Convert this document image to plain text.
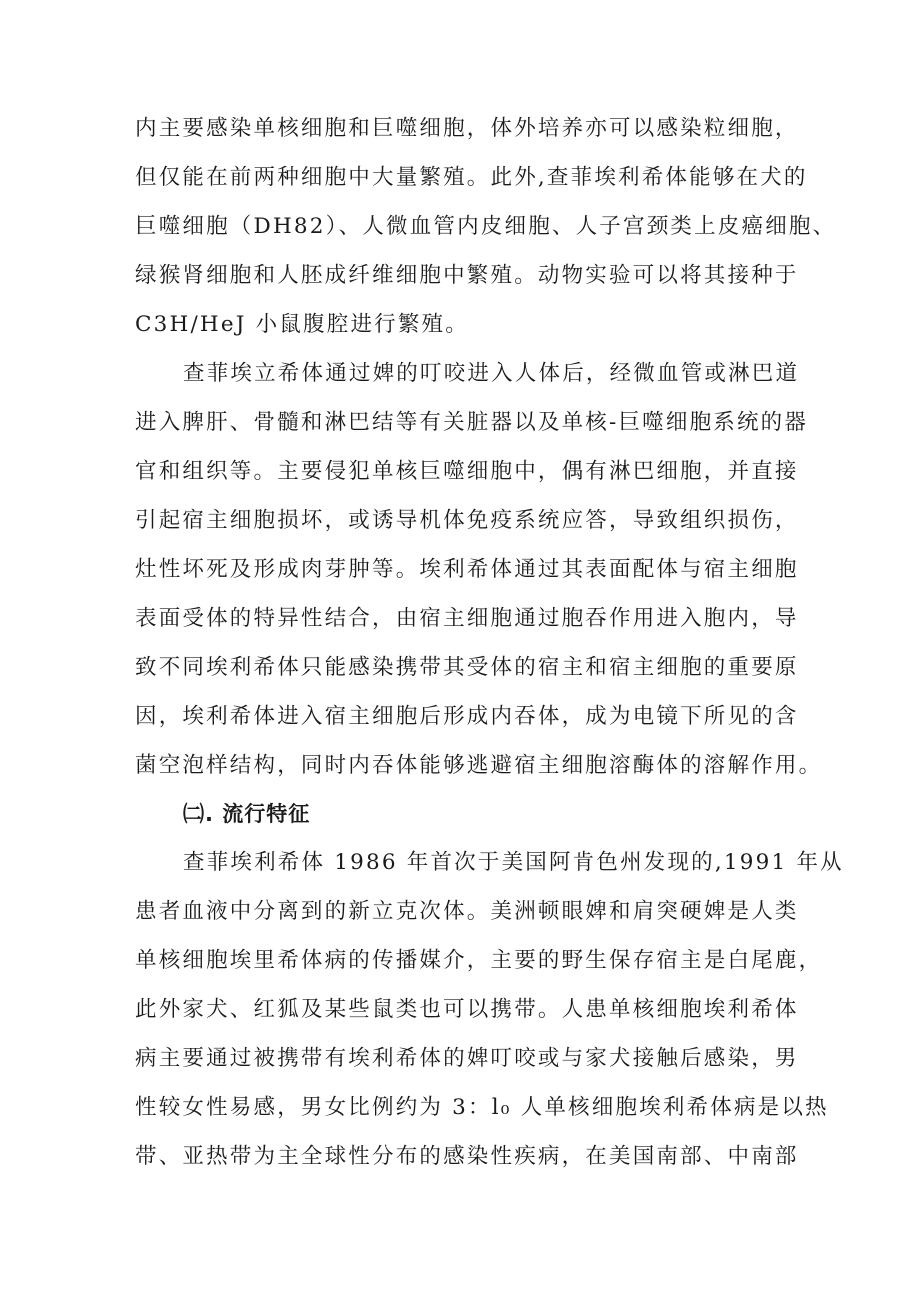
内主要感染单核细胞和巨噬细胞，体外培养亦可以感染粒细胞，
但仅能在前两种细胞中大量繁殖。此外,查菲埃利希体能够在犬的
巨噬细胞（DH82）、人微血管内皮细胞、人子宫颈类上皮癌细胞、
绿猴肾细胞和人胚成纤维细胞中繁殖。动物实验可以将其接种于
C3H/HeJ 小鼠腹腔进行繁殖。
查菲埃立希体通过婢的叮咬进入人体后，经微血管或淋巴道
进入脾肝、骨髓和淋巴结等有关脏器以及单核-巨噬细胞系统的器
官和组织等。主要侵犯单核巨噬细胞中，偶有淋巴细胞，并直接
引起宿主细胞损坏，或诱导机体免疫系统应答，导致组织损伤，
灶性坏死及形成肉芽肿等。埃利希体通过其表面配体与宿主细胞
表面受体的特异性结合，由宿主细胞通过胞吞作用进入胞内，导
致不同埃利希体只能感染携带其受体的宿主和宿主细胞的重要原
因，埃利希体进入宿主细胞后形成内吞体，成为电镜下所见的含
菌空泡样结构，同时内吞体能够逃避宿主细胞溶酶体的溶解作用。
㈡. 流行特征
查菲埃利希体 1986 年首次于美国阿肯色州发现的,1991 年从
患者血液中分离到的新立克次体。美洲顿眼婢和肩突硬婢是人类
单核细胞埃里希体病的传播媒介，主要的野生保存宿主是白尾鹿，
此外家犬、红狐及某些鼠类也可以携带。人患单核细胞埃利希体
病主要通过被携带有埃利希体的婢叮咬或与家犬接触后感染，男
性较女性易感，男女比例约为 3：l₀ 人单核细胞埃利希体病是以热
带、亚热带为主全球性分布的感染性疾病，在美国南部、中南部
